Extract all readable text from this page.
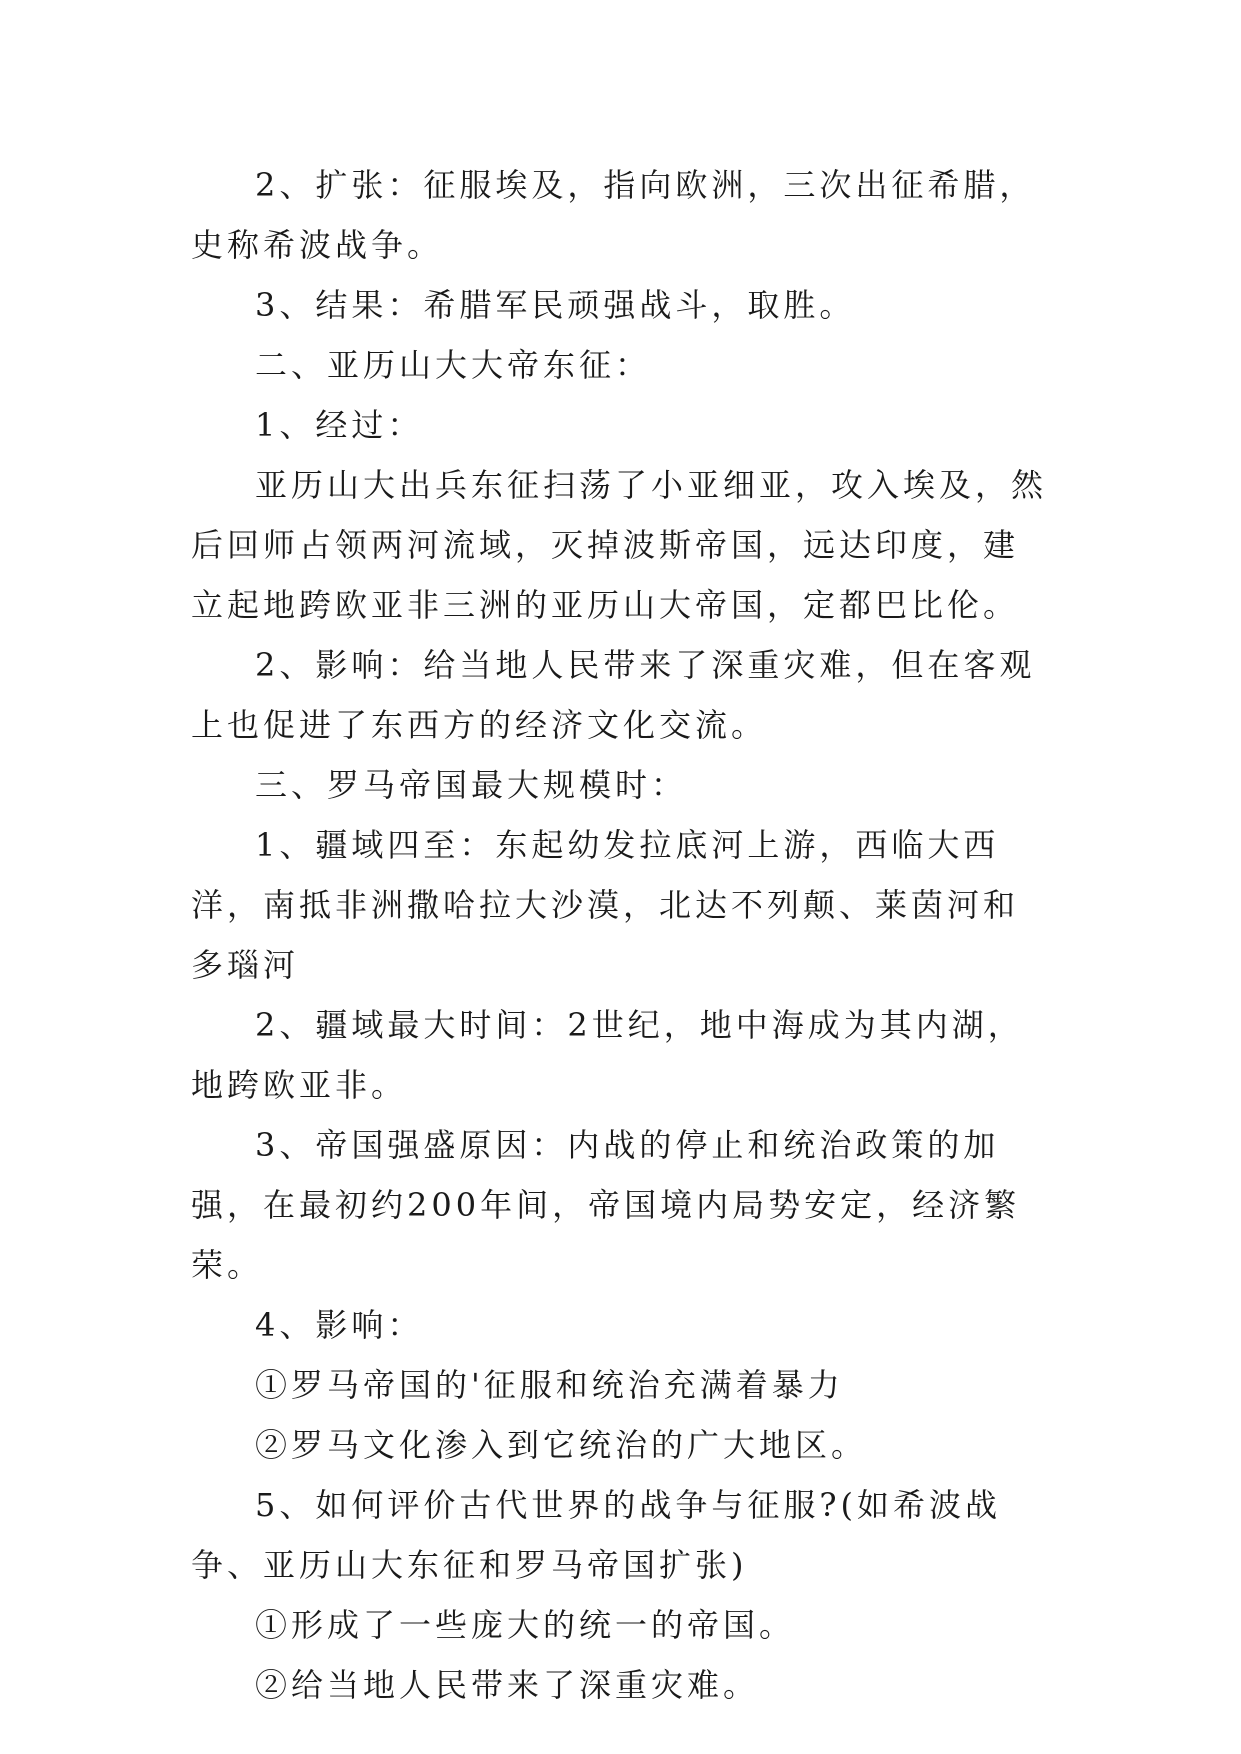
2、扩张：征服埃及，指向欧洲，三次出征希腊，史称希波战争。

3、结果：希腊军民顽强战斗，取胜。

二、亚历山大大帝东征：

1、经过：

亚历山大出兵东征扫荡了小亚细亚，攻入埃及，然后回师占领两河流域，灭掉波斯帝国，远达印度，建立起地跨欧亚非三洲的亚历山大帝国，定都巴比伦。

2、影响：给当地人民带来了深重灾难，但在客观上也促进了东西方的经济文化交流。

三、罗马帝国最大规模时：

1、疆域四至：东起幼发拉底河上游，西临大西洋，南抵非洲撒哈拉大沙漠，北达不列颠、莱茵河和多瑙河

2、疆域最大时间：2世纪，地中海成为其内湖，地跨欧亚非。

3、帝国强盛原因：内战的停止和统治政策的加强，在最初约200年间，帝国境内局势安定，经济繁荣。

4、影响：

①罗马帝国的'征服和统治充满着暴力

②罗马文化渗入到它统治的广大地区。

5、如何评价古代世界的战争与征服?(如希波战争、亚历山大东征和罗马帝国扩张)

①形成了一些庞大的统一的帝国。

②给当地人民带来了深重灾难。
